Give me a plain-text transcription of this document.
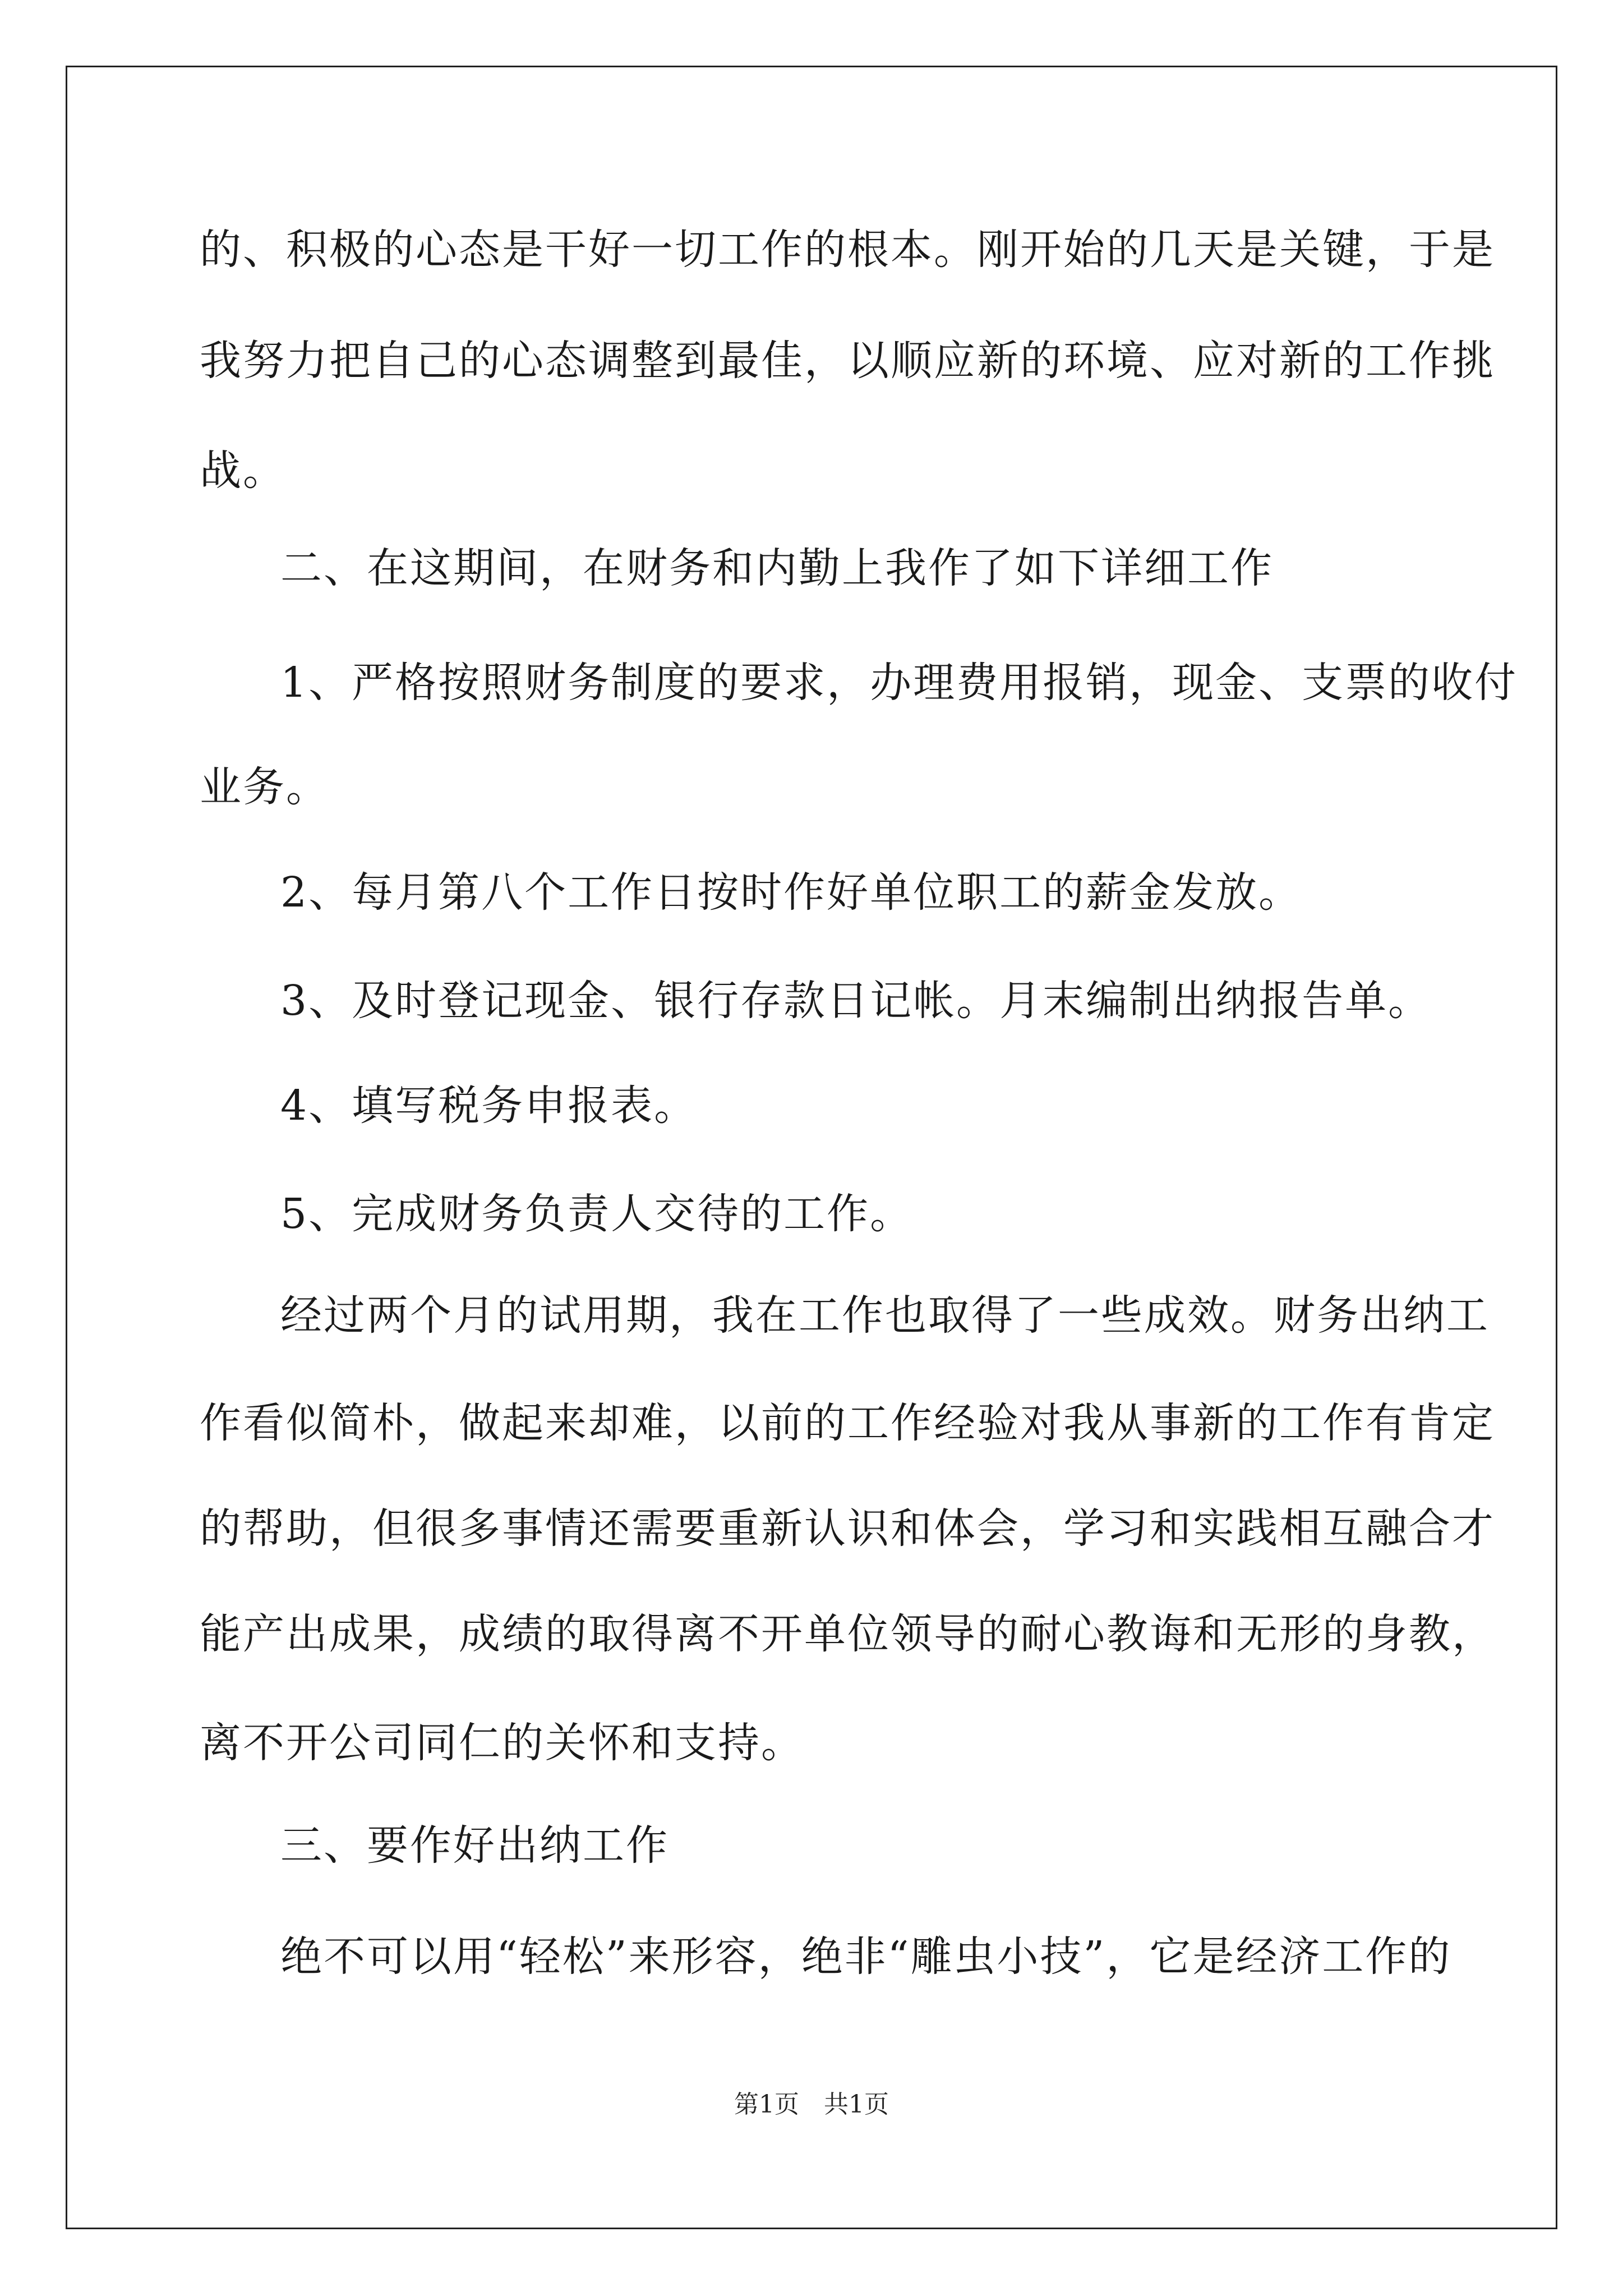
的、积极的心态是干好一切工作的根本。刚开始的几天是关键，于是
我努力把自己的心态调整到最佳，以顺应新的环境、应对新的工作挑
战。
二、在这期间，在财务和内勤上我作了如下详细工作
1、严格按照财务制度的要求，办理费用报销，现金、支票的收付
业务。
2、每月第八个工作日按时作好单位职工的薪金发放。
3、及时登记现金、银行存款日记帐。月末编制出纳报告单。
4、填写税务申报表。
5、完成财务负责人交待的工作。
经过两个月的试用期，我在工作也取得了一些成效。财务出纳工
作看似简朴，做起来却难，以前的工作经验对我从事新的工作有肯定
的帮助，但很多事情还需要重新认识和体会，学习和实践相互融合才
能产出成果，成绩的取得离不开单位领导的耐心教诲和无形的身教，
离不开公司同仁的关怀和支持。
三、要作好出纳工作
绝不可以用“轻松”来形容，绝非“雕虫小技”，它是经济工作的
第1页　共1页
